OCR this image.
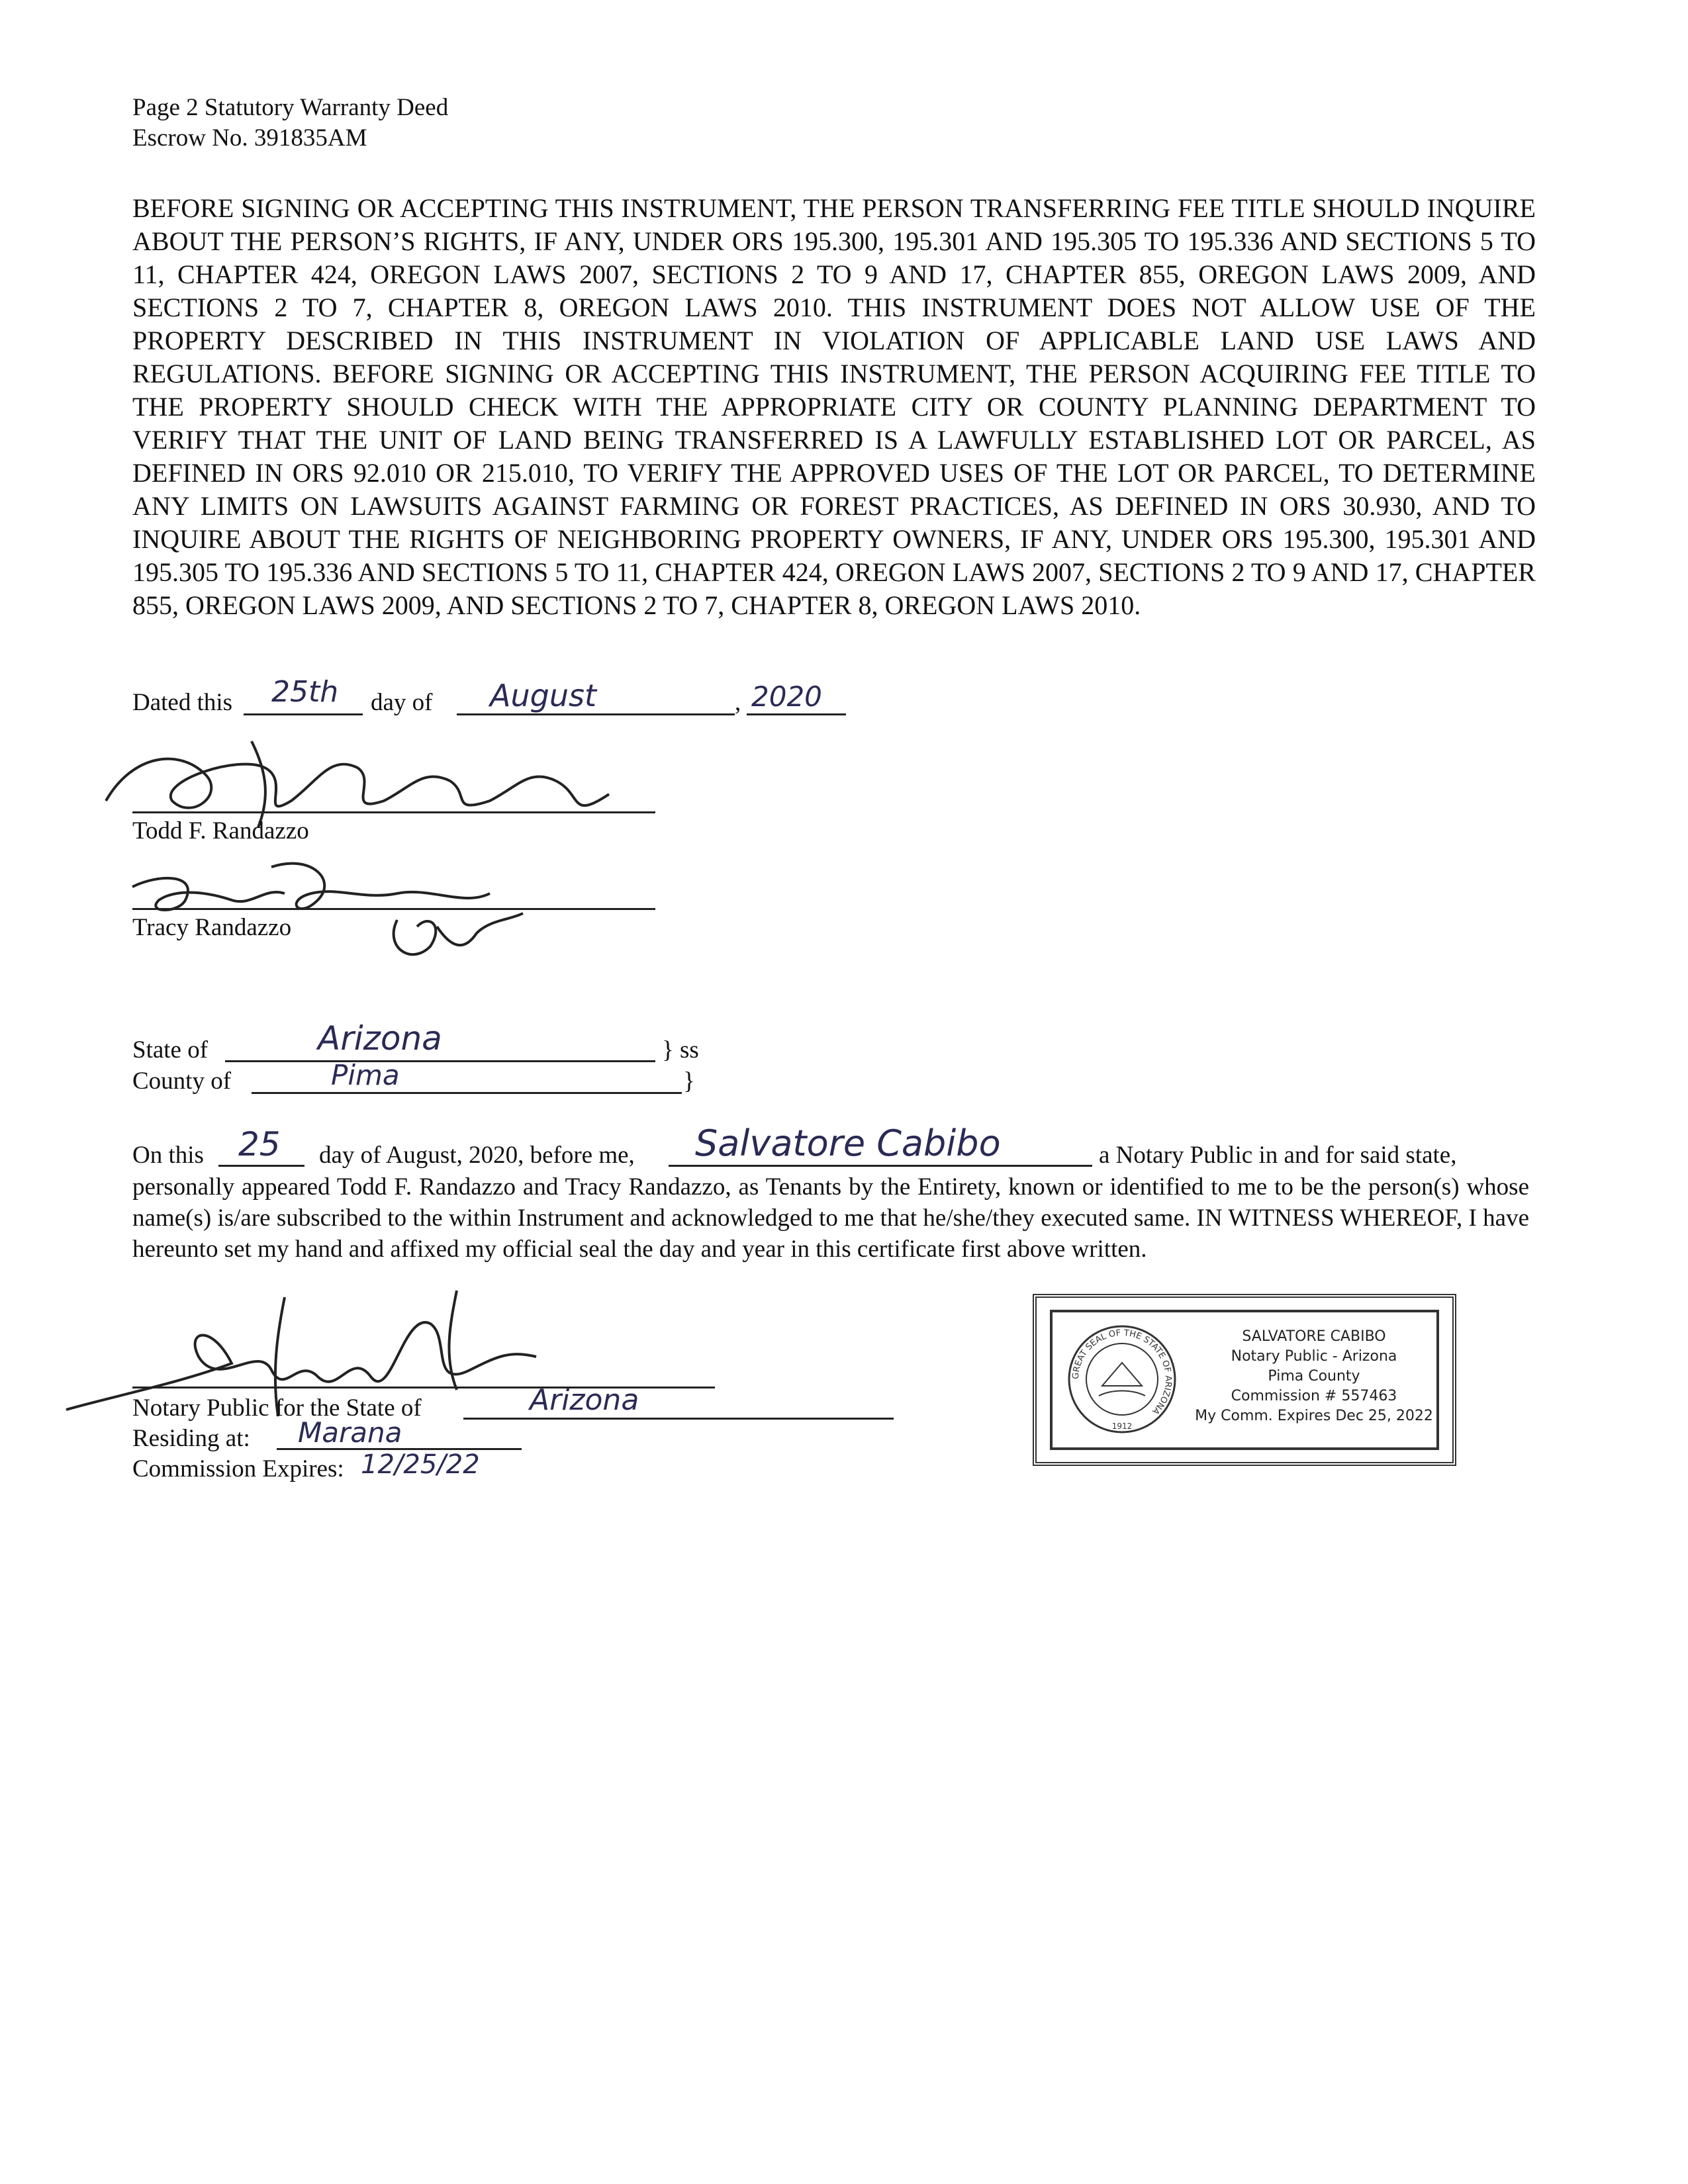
Page 2 Statutory Warranty Deed
Escrow No. 391835AM
BEFORE SIGNING OR ACCEPTING THIS INSTRUMENT, THE PERSON TRANSFERRING FEE TITLE SHOULD INQUIRE ABOUT THE PERSON’S RIGHTS, IF ANY, UNDER ORS 195.300, 195.301 AND 195.305 TO 195.336 AND SECTIONS 5 TO 11, CHAPTER 424, OREGON LAWS 2007, SECTIONS 2 TO 9 AND 17, CHAPTER 855, OREGON LAWS 2009, AND SECTIONS 2 TO 7, CHAPTER 8, OREGON LAWS 2010. THIS INSTRUMENT DOES NOT ALLOW USE OF THE PROPERTY DESCRIBED IN THIS INSTRUMENT IN VIOLATION OF APPLICABLE LAND USE LAWS AND REGULATIONS. BEFORE SIGNING OR ACCEPTING THIS INSTRUMENT, THE PERSON ACQUIRING FEE TITLE TO THE PROPERTY SHOULD CHECK WITH THE APPROPRIATE CITY OR COUNTY PLANNING DEPARTMENT TO VERIFY THAT THE UNIT OF LAND BEING TRANSFERRED IS A LAWFULLY ESTABLISHED LOT OR PARCEL, AS DEFINED IN ORS 92.010 OR 215.010, TO VERIFY THE APPROVED USES OF THE LOT OR PARCEL, TO DETERMINE ANY LIMITS ON LAWSUITS AGAINST FARMING OR FOREST PRACTICES, AS DEFINED IN ORS 30.930, AND TO INQUIRE ABOUT THE RIGHTS OF NEIGHBORING PROPERTY OWNERS, IF ANY, UNDER ORS 195.300, 195.301 AND 195.305 TO 195.336 AND SECTIONS 5 TO 11, CHAPTER 424, OREGON LAWS 2007, SECTIONS 2 TO 9 AND 17, CHAPTER 855, OREGON LAWS 2009, AND SECTIONS 2 TO 7, CHAPTER 8, OREGON LAWS 2010.
Dated this 25th day of August	, 2020
Todd F. Randazzo
Tracy Randazzo
State of	Arizona	} ss
County of	Pima	}
On this 25 day of August, 2020, before me, Salvatore Cabibo	a Notary Public in and for said state,
personally appeared Todd F. Randazzo and Tracy Randazzo, as Tenants by the Entirety, known or identified to me to be the person(s) whose name(s) is/are subscribed to the within Instrument and acknowledged to me that he/she/they executed same. IN WITNESS WHEREOF, I have hereunto set my hand and affixed my official seal the day and year in this certificate first above written.
Notary Public for the State of	Arizona
Residing at: Marana
Commission Expires: 12/25/22
GREAT SEAL OF THE STATE OF ARIZONA
1912
SALVATORE CABIBO
Notary Public - Arizona
Pima County
Commission # 557463
My Comm. Expires Dec 25, 2022
